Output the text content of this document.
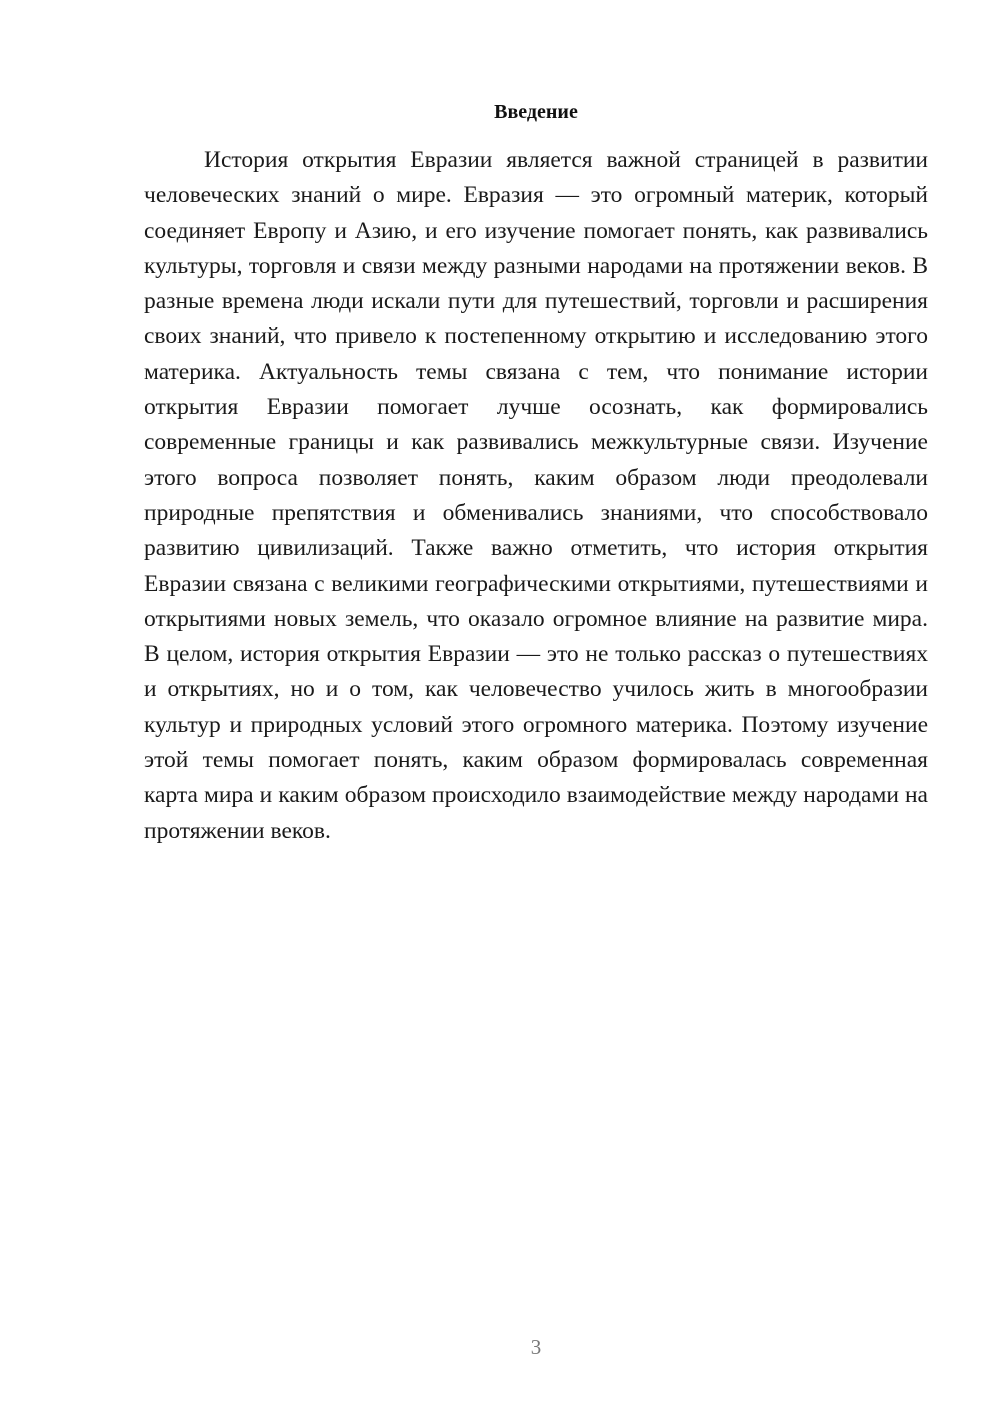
Введение

История открытия Евразии является важной страницей в развитии человеческих знаний о мире. Евразия — это огромный материк, который соединяет Европу и Азию, и его изучение помогает понять, как развивались культуры, торговля и связи между разными народами на протяжении веков. В разные времена люди искали пути для путешествий, торговли и расширения своих знаний, что привело к постепенному открытию и исследованию этого материка. Актуальность темы связана с тем, что понимание истории открытия Евразии помогает лучше осознать, как формировались современные границы и как развивались межкультурные связи. Изучение этого вопроса позволяет понять, каким образом люди преодолевали природные препятствия и обменивались знаниями, что способствовало развитию цивилизаций. Также важно отметить, что история открытия Евразии связана с великими географическими открытиями, путешествиями и открытиями новых земель, что оказало огромное влияние на развитие мира. В целом, история открытия Евразии — это не только рассказ о путешествиях и открытиях, но и о том, как человечество училось жить в многообразии культур и природных условий этого огромного материка. Поэтому изучение этой темы помогает понять, каким образом формировалась современная карта мира и каким образом происходило взаимодействие между народами на протяжении веков.

3
